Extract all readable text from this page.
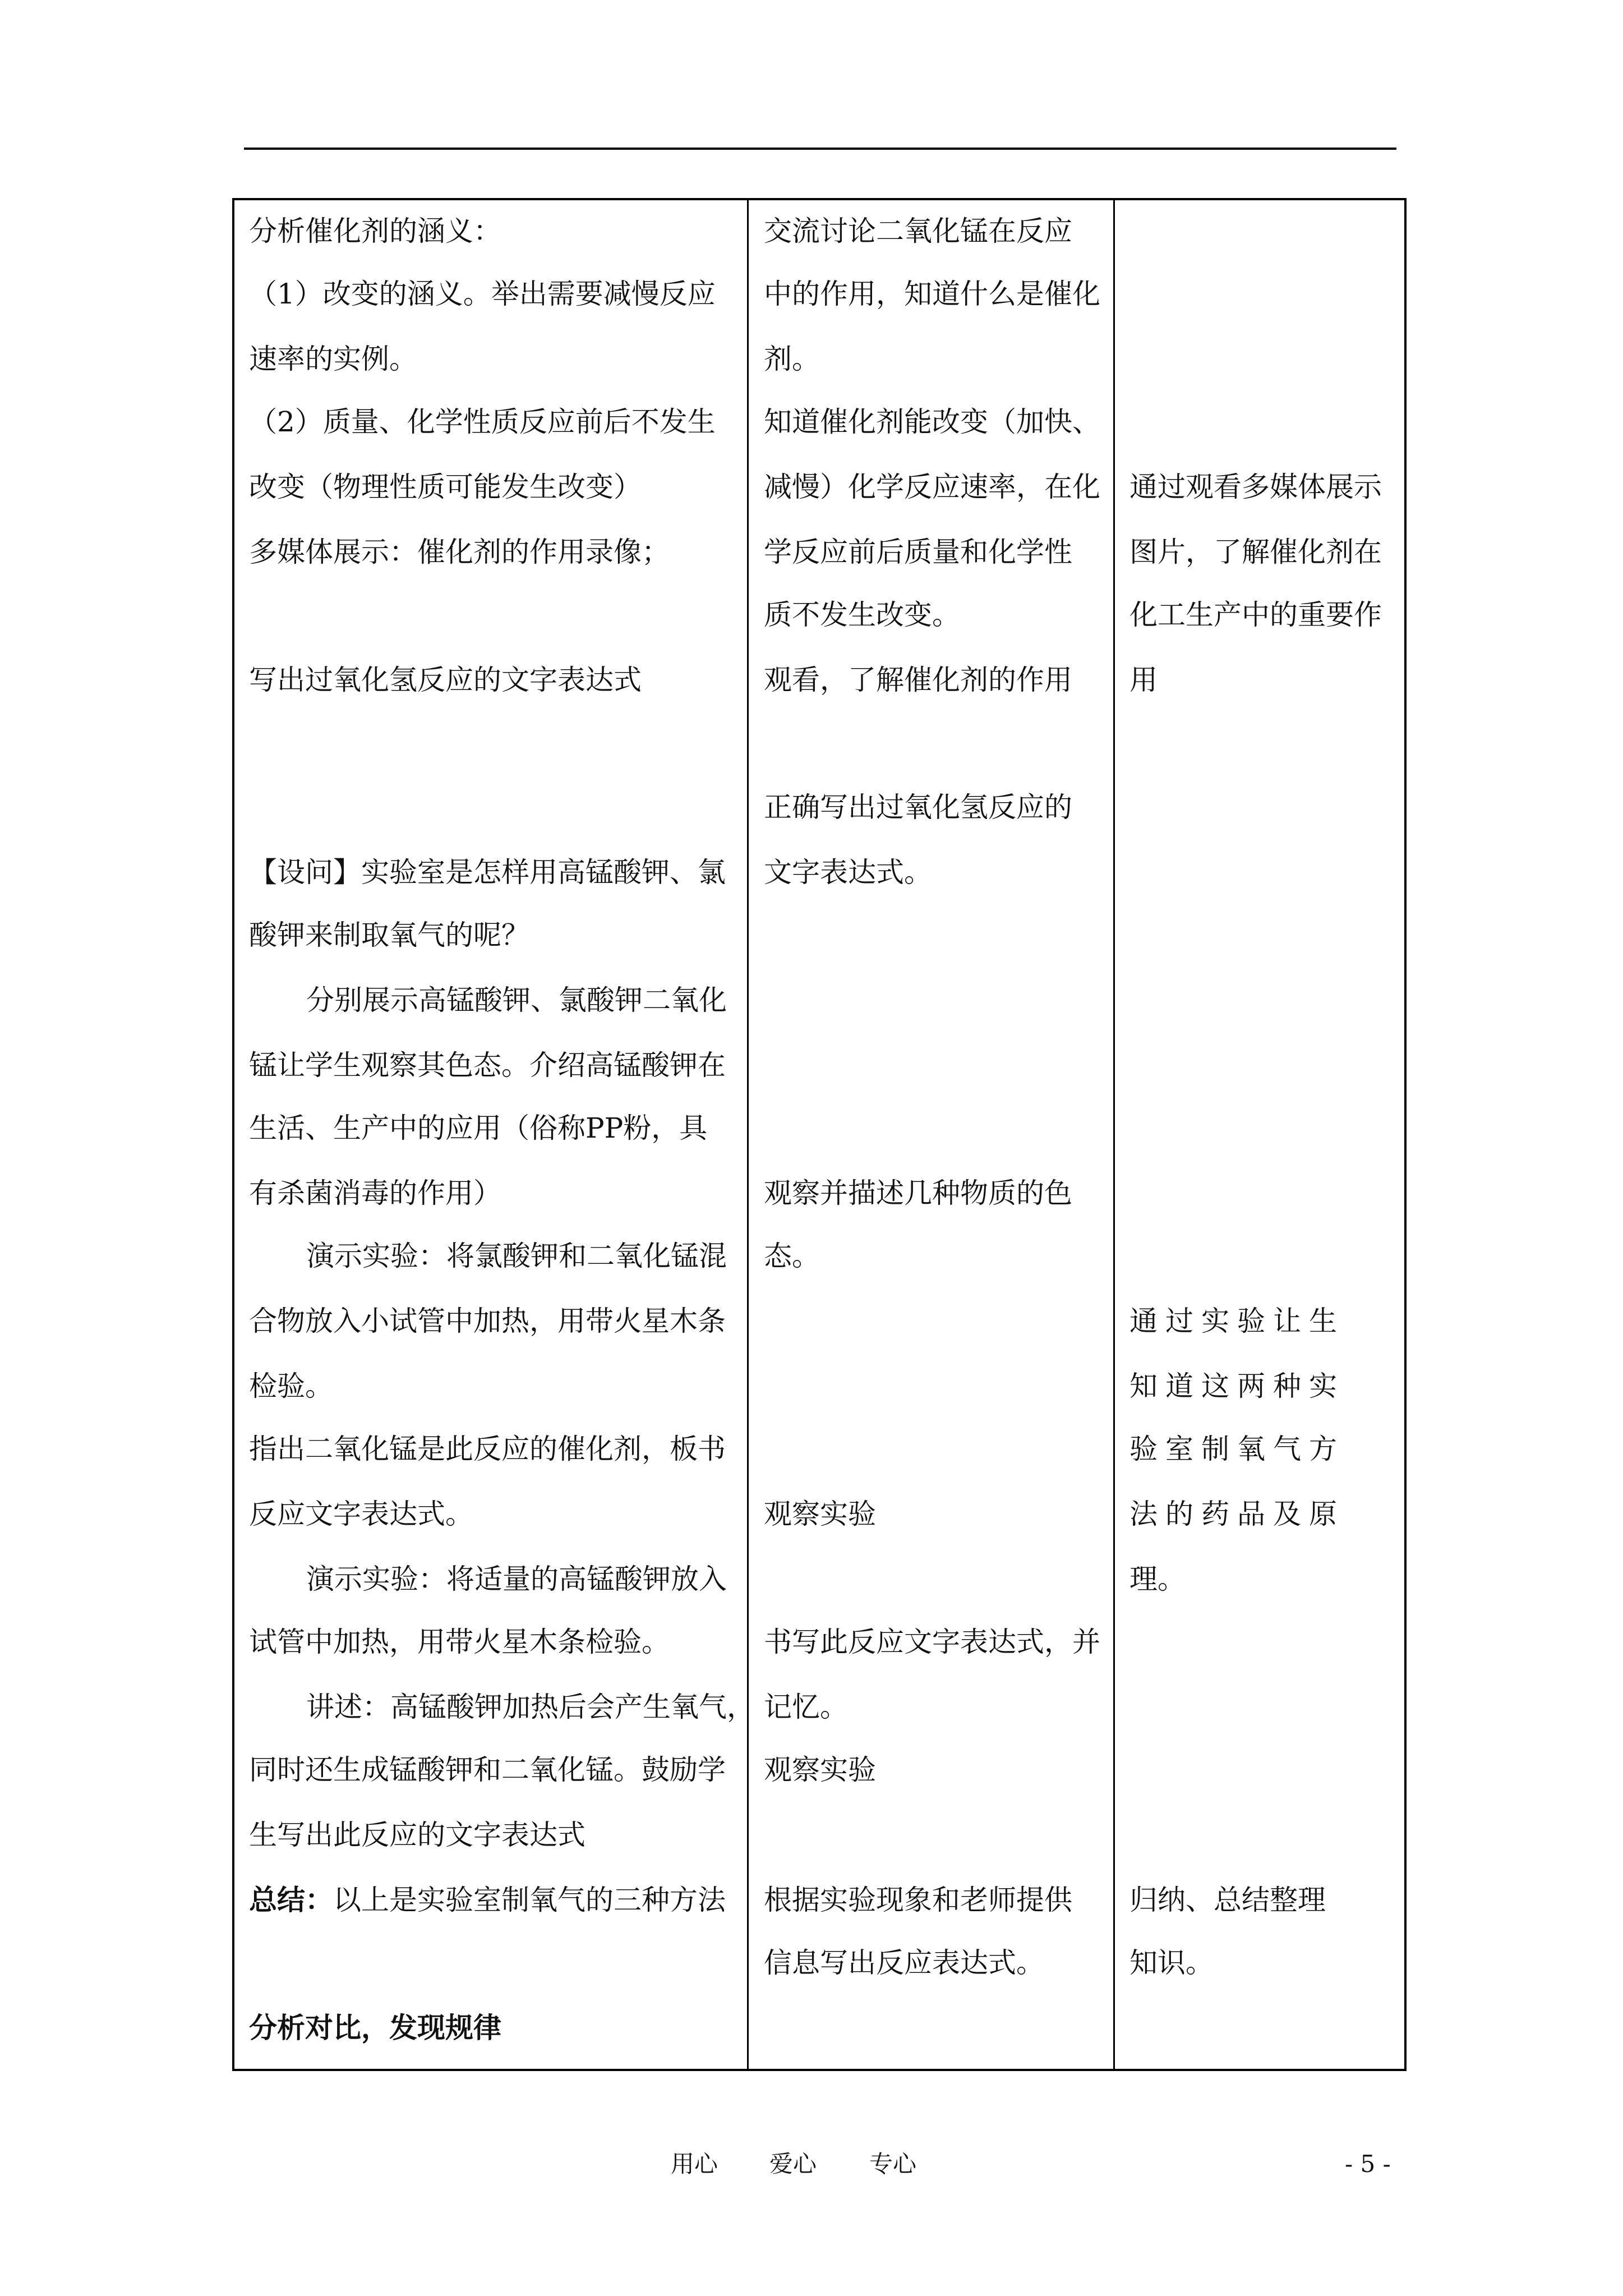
分析催化剂的涵义：
（1）改变的涵义。举出需要减慢反应
速率的实例。
（2）质量、化学性质反应前后不发生
改变（物理性质可能发生改变）
多媒体展示：催化剂的作用录像；
写出过氧化氢反应的文字表达式
【设问】实验室是怎样用高锰酸钾、氯
酸钾来制取氧气的呢？
分别展示高锰酸钾、氯酸钾二氧化
锰让学生观察其色态。介绍高锰酸钾在
生活、生产中的应用（俗称PP粉，具
有杀菌消毒的作用）
演示实验：将氯酸钾和二氧化锰混
合物放入小试管中加热，用带火星木条
检验。
指出二氧化锰是此反应的催化剂，板书
反应文字表达式。
演示实验：将适量的高锰酸钾放入
试管中加热，用带火星木条检验。
讲述：高锰酸钾加热后会产生氧气，
同时还生成锰酸钾和二氧化锰。鼓励学
生写出此反应的文字表达式
总结：以上是实验室制氧气的三种方法
分析对比，发现规律
交流讨论二氧化锰在反应
中的作用，知道什么是催化
剂。
知道催化剂能改变（加快、
减慢）化学反应速率，在化
学反应前后质量和化学性
质不发生改变。
观看，了解催化剂的作用
正确写出过氧化氢反应的
文字表达式。
观察并描述几种物质的色
态。
观察实验
书写此反应文字表达式，并
记忆。
观察实验
根据实验现象和老师提供
信息写出反应表达式。
通过观看多媒体展示
图片，了解催化剂在
化工生产中的重要作
用
通过实验让生
知道这两种实
验室制氧气方
法的药品及原
理。
归纳、总结整理
知识。
用心 爱心 专心	- 5 -
